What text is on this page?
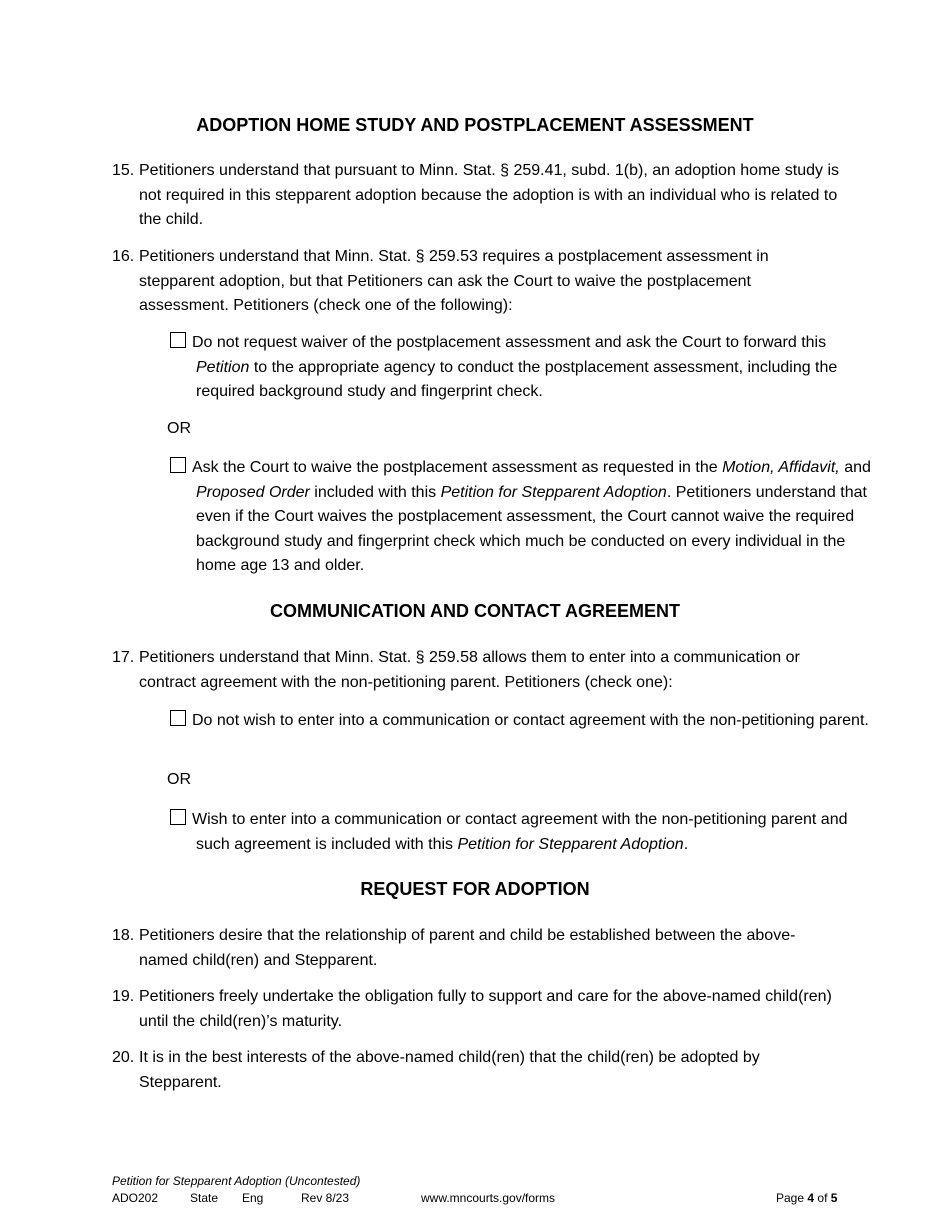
ADOPTION HOME STUDY AND POSTPLACEMENT ASSESSMENT
15. Petitioners understand that pursuant to Minn. Stat. § 259.41, subd. 1(b), an adoption home study is not required in this stepparent adoption because the adoption is with an individual who is related to the child.
16. Petitioners understand that Minn. Stat. § 259.53 requires a postplacement assessment in stepparent adoption, but that Petitioners can ask the Court to waive the postplacement assessment. Petitioners (check one of the following):
Do not request waiver of the postplacement assessment and ask the Court to forward this Petition to the appropriate agency to conduct the postplacement assessment, including the required background study and fingerprint check.
OR
Ask the Court to waive the postplacement assessment as requested in the Motion, Affidavit, and Proposed Order included with this Petition for Stepparent Adoption. Petitioners understand that even if the Court waives the postplacement assessment, the Court cannot waive the required background study and fingerprint check which much be conducted on every individual in the home age 13 and older.
COMMUNICATION AND CONTACT AGREEMENT
17. Petitioners understand that Minn. Stat. § 259.58 allows them to enter into a communication or contract agreement with the non-petitioning parent. Petitioners (check one):
Do not wish to enter into a communication or contact agreement with the non-petitioning parent.
OR
Wish to enter into a communication or contact agreement with the non-petitioning parent and such agreement is included with this Petition for Stepparent Adoption.
REQUEST FOR ADOPTION
18. Petitioners desire that the relationship of parent and child be established between the above-named child(ren) and Stepparent.
19. Petitioners freely undertake the obligation fully to support and care for the above-named child(ren) until the child(ren)’s maturity.
20. It is in the best interests of the above-named child(ren) that the child(ren) be adopted by Stepparent.
Petition for Stepparent Adoption (Uncontested)
ADO202	State Eng	Rev 8/23	www.mncourts.gov/forms	Page 4 of 5
